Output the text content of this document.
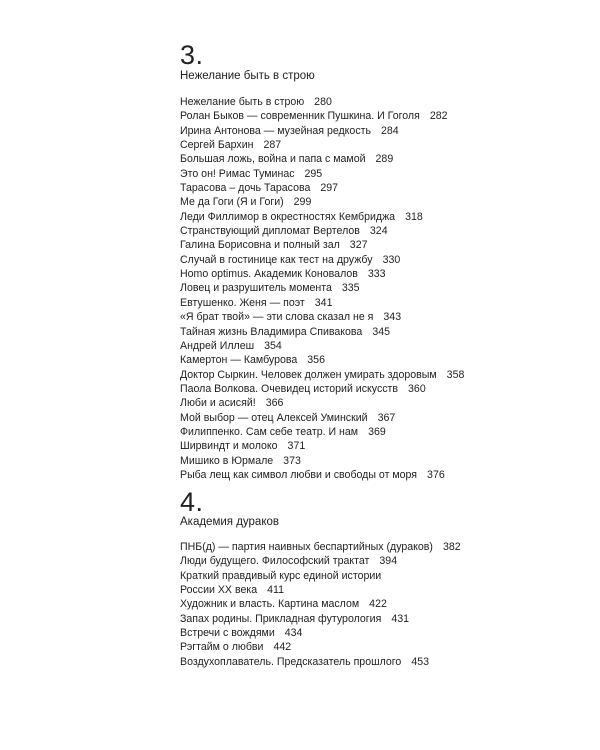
3.
Нежелание быть в строю
Нежелание быть в строю 280
Ролан Быков — современник Пушкина. И Гоголя 282
Ирина Антонова — музейная редкость 284
Сергей Бархин 287
Большая ложь, война и папа с мамой 289
Это он! Римас Туминас 295
Тарасова – дочь Тарасова 297
Ме да Гоги (Я и Гоги) 299
Леди Филлимор в окрестностях Кембриджа 318
Странствующий дипломат Вертелов 324
Галина Борисовна и полный зал 327
Случай в гостинице как тест на дружбу 330
Homo optimus. Академик Коновалов 333
Ловец и разрушитель момента 335
Евтушенко. Женя — поэт 341
«Я брат твой» — эти слова сказал не я 343
Тайная жизнь Владимира Спивакова 345
Андрей Иллеш 354
Камертон — Камбурова 356
Доктор Сыркин. Человек должен умирать здоровым 358
Паола Волкова. Очевидец историй искусств 360
Люби и асисяй! 366
Мой выбор — отец Алексей Уминский 367
Филиппенко. Сам себе театр. И нам 369
Ширвиндт и молоко 371
Мишико в Юрмале 373
Рыба лещ как символ любви и свободы от моря 376
4.
Академия дураков
ПНБ(д) — партия наивных беспартийных (дураков) 382
Люди будущего. Философский трактат 394
Краткий правдивый курс единой истории
России XX века 411
Художник и власть. Картина маслом 422
Запах родины. Прикладная футурология 431
Встречи с вождями 434
Рэгтайм о любви 442
Воздухоплаватель. Предсказатель прошлого 453
